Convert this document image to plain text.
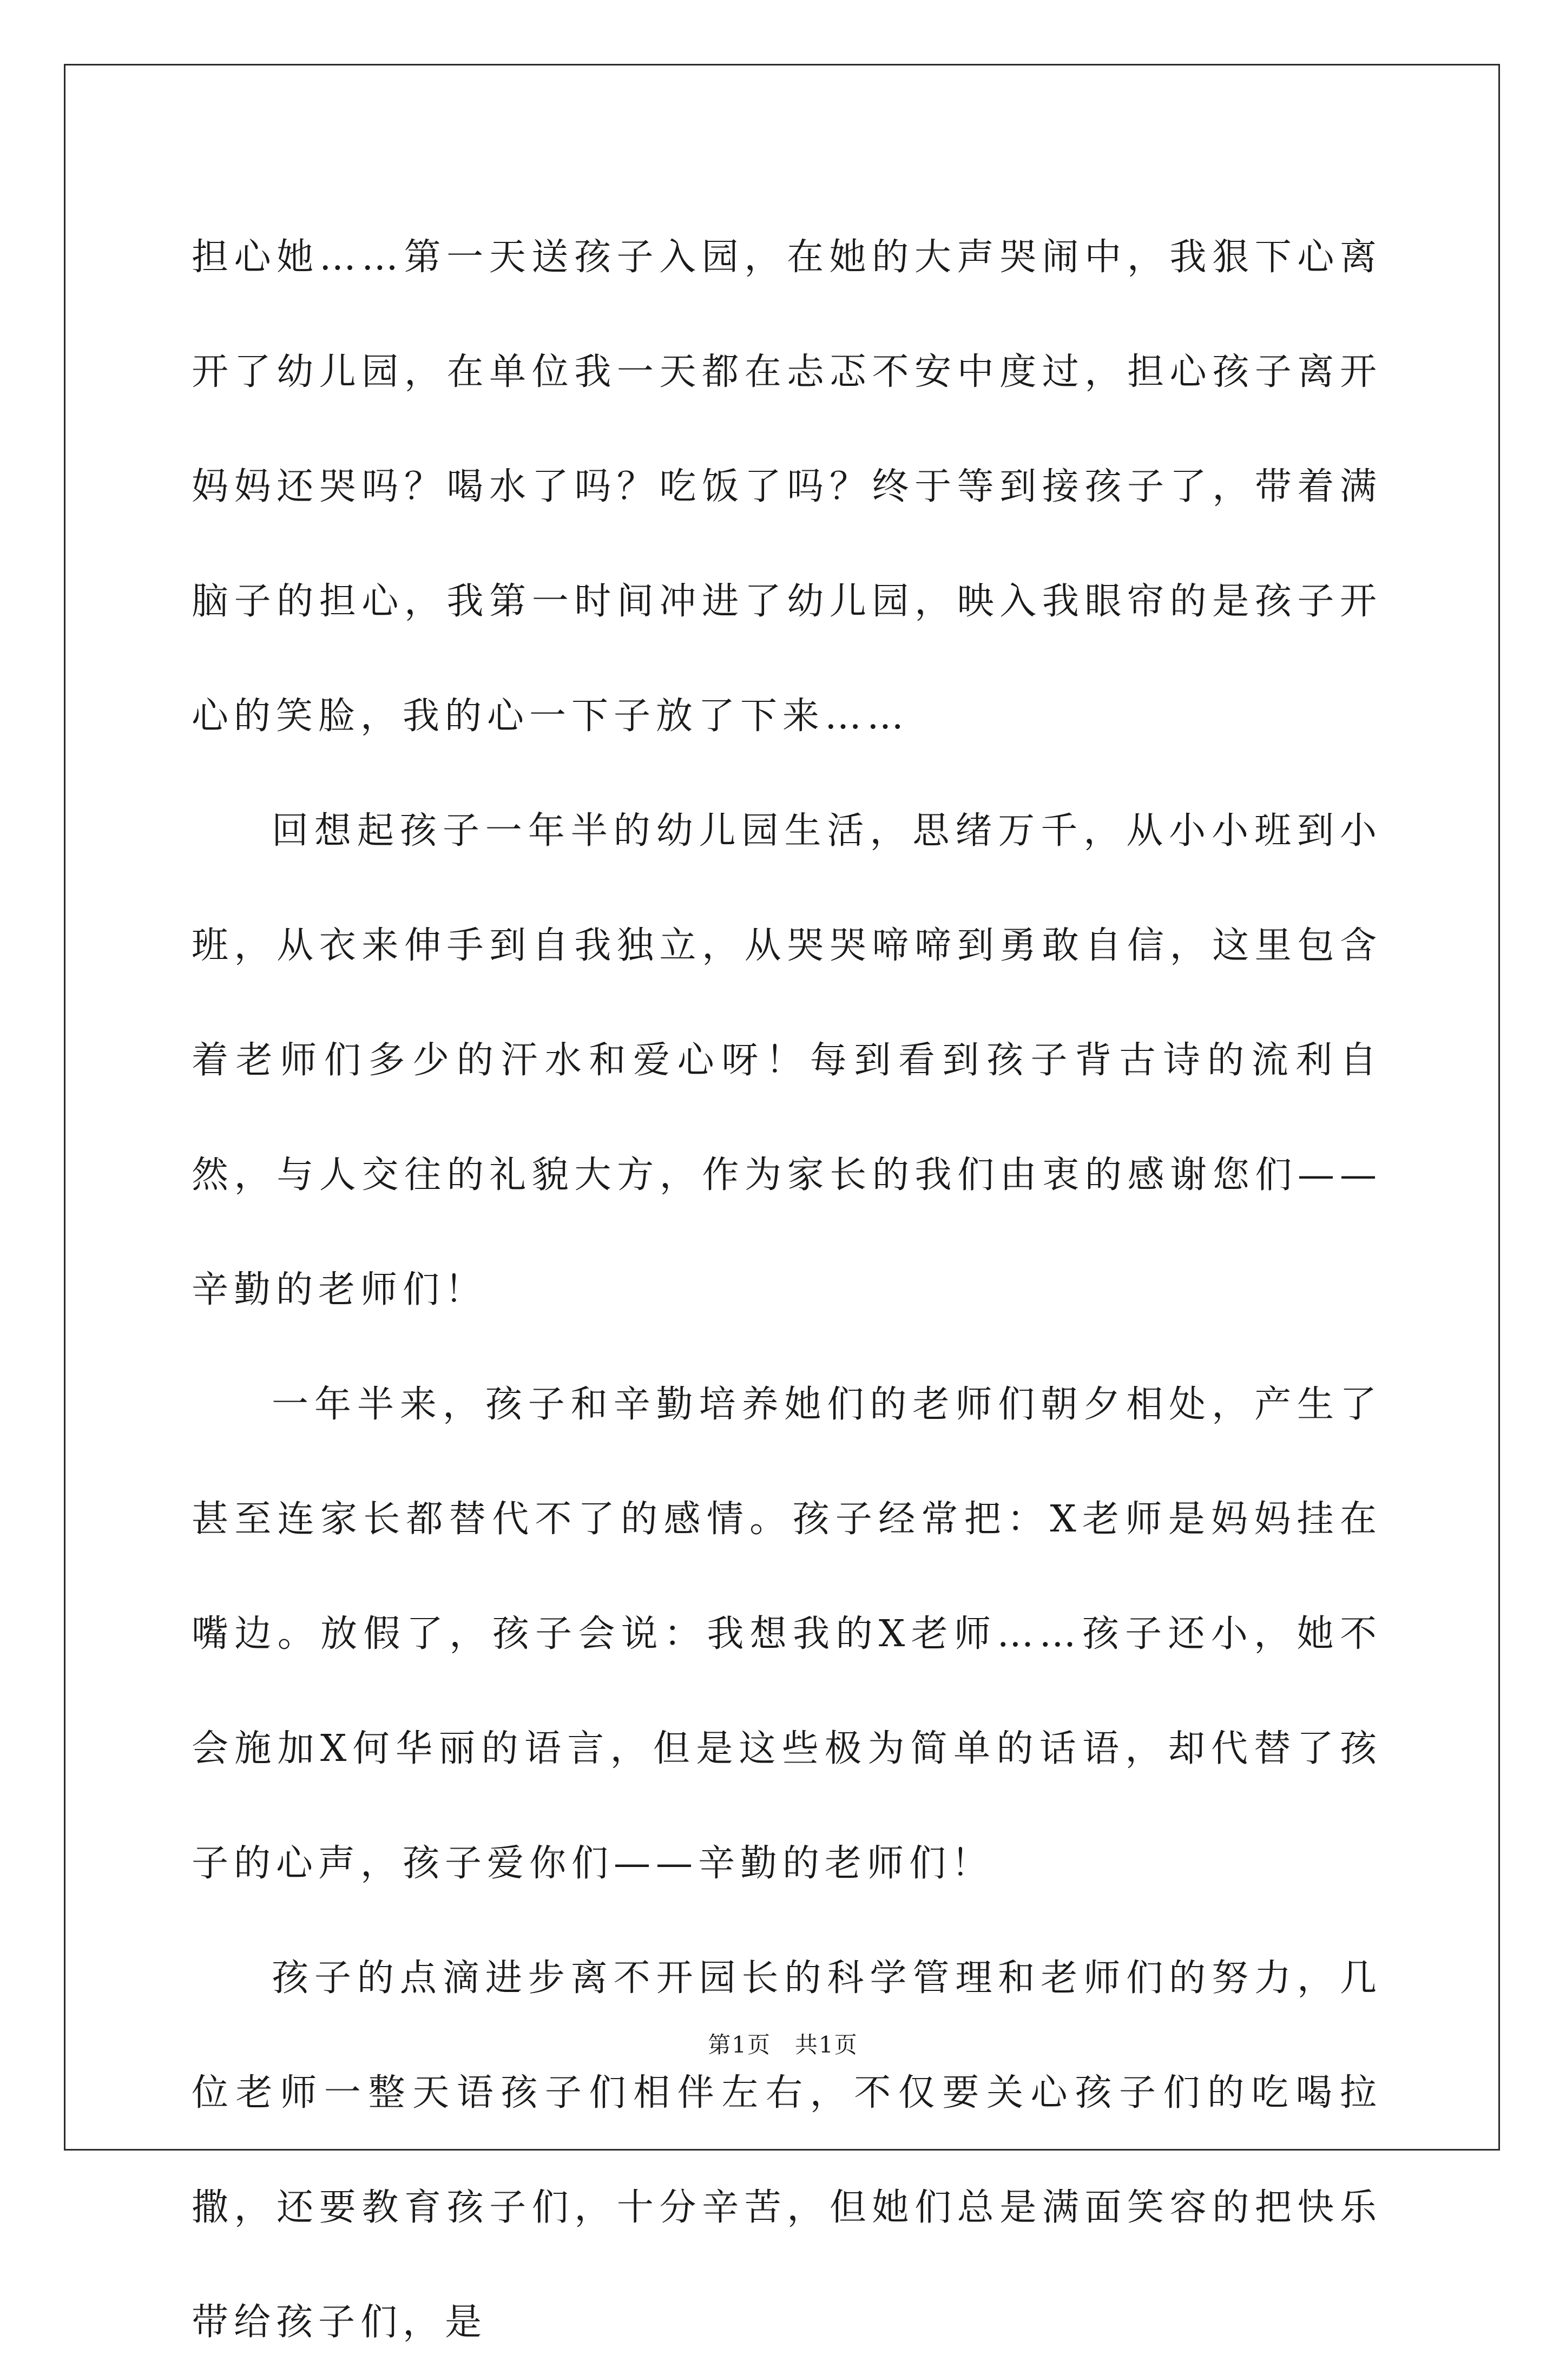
担心她……第一天送孩子入园，在她的大声哭闹中，我狠下心离开了幼儿园，在单位我一天都在忐忑不安中度过，担心孩子离开妈妈还哭吗？喝水了吗？吃饭了吗？终于等到接孩子了，带着满脑子的担心，我第一时间冲进了幼儿园，映入我眼帘的是孩子开心的笑脸，我的心一下子放了下来……

回想起孩子一年半的幼儿园生活，思绪万千，从小小班到小班，从衣来伸手到自我独立，从哭哭啼啼到勇敢自信，这里包含着老师们多少的汗水和爱心呀！每到看到孩子背古诗的流利自然，与人交往的礼貌大方，作为家长的我们由衷的感谢您们——辛勤的老师们！

一年半来，孩子和辛勤培养她们的老师们朝夕相处，产生了甚至连家长都替代不了的感情。孩子经常把：X老师是妈妈挂在嘴边。放假了，孩子会说：我想我的X老师……孩子还小，她不会施加X何华丽的语言，但是这些极为简单的话语，却代替了孩子的心声，孩子爱你们——辛勤的老师们！

孩子的点滴进步离不开园长的科学管理和老师们的努力，几位老师一整天语孩子们相伴左右，不仅要关心孩子们的吃喝拉撒，还要教育孩子们，十分辛苦，但她们总是满面笑容的把快乐带给孩子们，是

第1页 共1页
